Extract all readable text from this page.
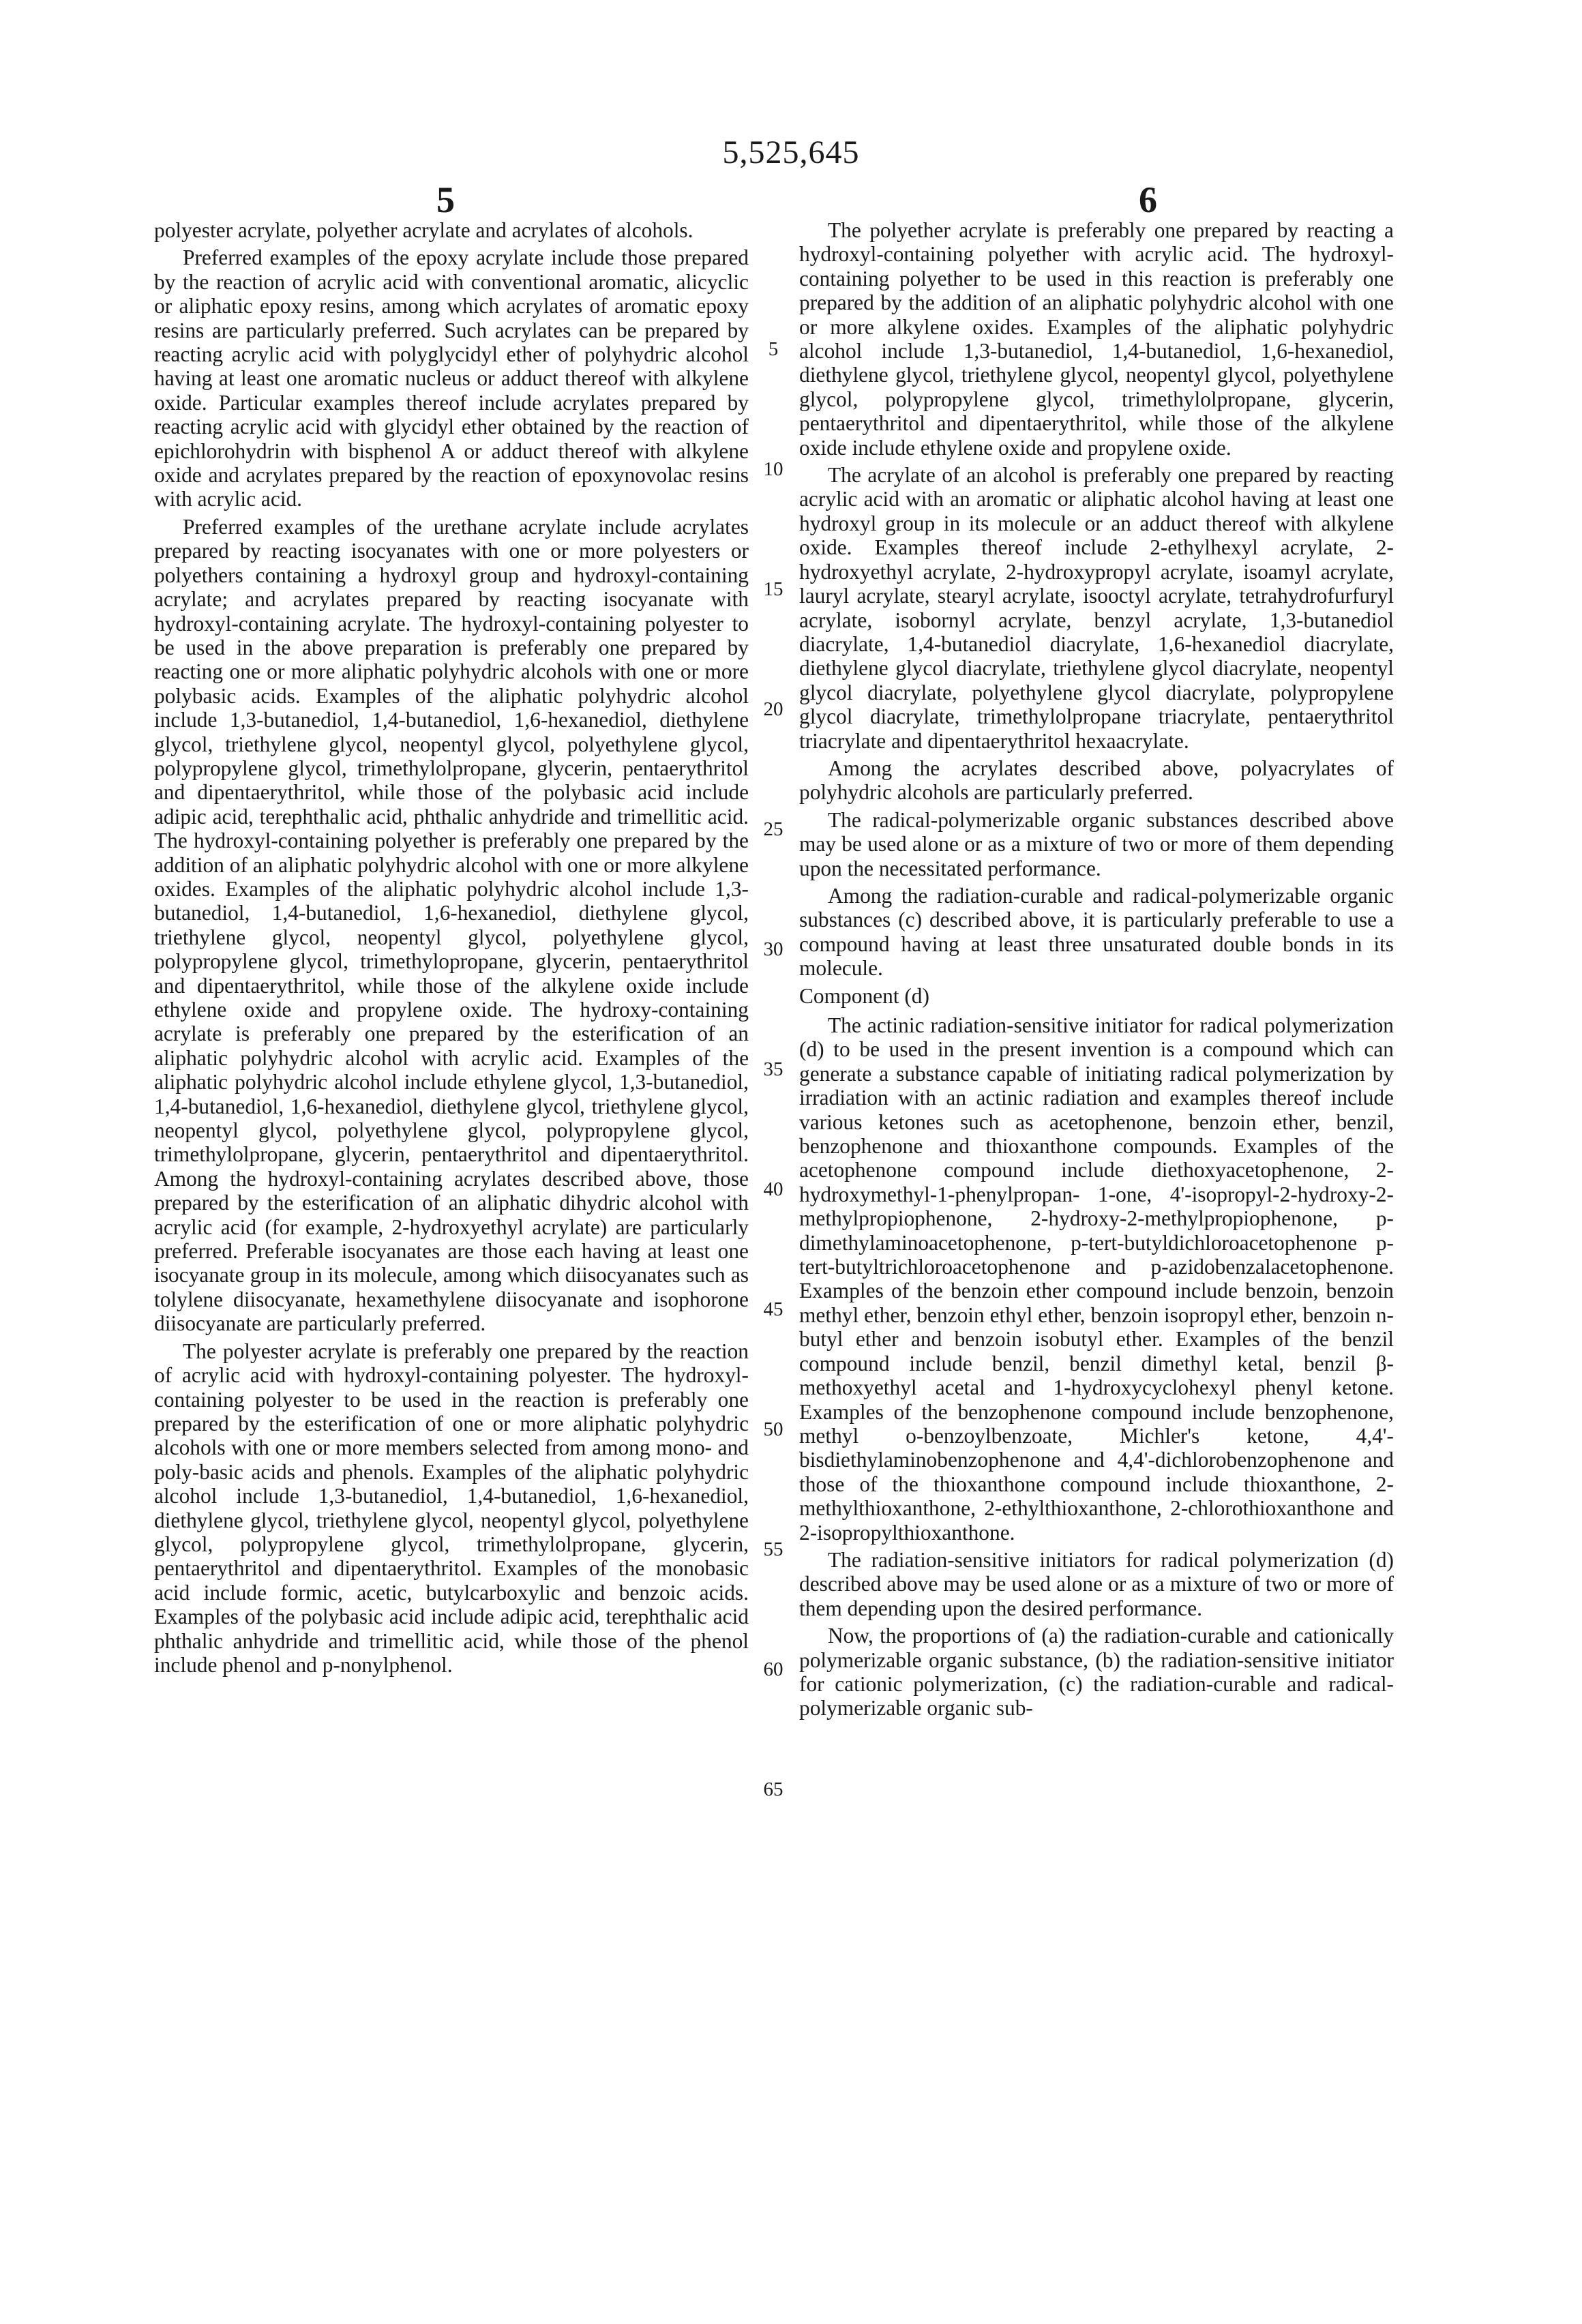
5,525,645
5	6

polyester acrylate, polyether acrylate and acrylates of alcohols.

Preferred examples of the epoxy acrylate include those prepared by the reaction of acrylic acid with conventional aromatic, alicyclic or aliphatic epoxy resins, among which acrylates of aromatic epoxy resins are particularly preferred. Such acrylates can be prepared by reacting acrylic acid with polyglycidyl ether of polyhydric alcohol having at least one aromatic nucleus or adduct thereof with alkylene oxide. Particular examples thereof include acrylates prepared by reacting acrylic acid with glycidyl ether obtained by the reaction of epichlorohydrin with bisphenol A or adduct thereof with alkylene oxide and acrylates prepared by the reaction of epoxynovolac resins with acrylic acid.

Preferred examples of the urethane acrylate include acrylates prepared by reacting isocyanates with one or more polyesters or polyethers containing a hydroxyl group and hydroxyl-containing acrylate; and acrylates prepared by reacting isocyanate with hydroxyl-containing acrylate. The hydroxyl-containing polyester to be used in the above preparation is preferably one prepared by reacting one or more aliphatic polyhydric alcohols with one or more polybasic acids. Examples of the aliphatic polyhydric alcohol include 1,3-butanediol, 1,4-butanediol, 1,6-hexanediol, diethylene glycol, triethylene glycol, neopentyl glycol, polyethylene glycol, polypropylene glycol, trimethylolpropane, glycerin, pentaerythritol and dipentaerythritol, while those of the polybasic acid include adipic acid, terephthalic acid, phthalic anhydride and trimellitic acid. The hydroxyl-containing polyether is preferably one prepared by the addition of an aliphatic polyhydric alcohol with one or more alkylene oxides. Examples of the aliphatic polyhydric alcohol include 1,3-butanediol, 1,4-butanediol, 1,6-hexanediol, diethylene glycol, triethylene glycol, neopentyl glycol, polyethylene glycol, polypropylene glycol, trimethylopropane, glycerin, pentaerythritol and dipentaerythritol, while those of the alkylene oxide include ethylene oxide and propylene oxide. The hydroxy-containing acrylate is preferably one prepared by the esterification of an aliphatic polyhydric alcohol with acrylic acid. Examples of the aliphatic polyhydric alcohol include ethylene glycol, 1,3-butanediol, 1,4-butanediol, 1,6-hexanediol, diethylene glycol, triethylene glycol, neopentyl glycol, polyethylene glycol, polypropylene glycol, trimethylolpropane, glycerin, pentaerythritol and dipentaerythritol. Among the hydroxyl-containing acrylates described above, those prepared by the esterification of an aliphatic dihydric alcohol with acrylic acid (for example, 2-hydroxyethyl acrylate) are particularly preferred. Preferable isocyanates are those each having at least one isocyanate group in its molecule, among which diisocyanates such as tolylene diisocyanate, hexamethylene diisocyanate and isophorone diisocyanate are particularly preferred.

The polyester acrylate is preferably one prepared by the reaction of acrylic acid with hydroxyl-containing polyester. The hydroxyl-containing polyester to be used in the reaction is preferably one prepared by the esterification of one or more aliphatic polyhydric alcohols with one or more members selected from among mono- and poly-basic acids and phenols. Examples of the aliphatic polyhydric alcohol include 1,3-butanediol, 1,4-butanediol, 1,6-hexanediol, diethylene glycol, triethylene glycol, neopentyl glycol, polyethylene glycol, polypropylene glycol, trimethylolpropane, glycerin, pentaerythritol and dipentaerythritol. Examples of the monobasic acid include formic, acetic, butylcarboxylic and benzoic acids. Examples of the polybasic acid include adipic acid, terephthalic acid phthalic anhydride and trimellitic acid, while those of the phenol include phenol and p-nonylphenol.

The polyether acrylate is preferably one prepared by reacting a hydroxyl-containing polyether with acrylic acid. The hydroxyl-containing polyether to be used in this reaction is preferably one prepared by the addition of an aliphatic polyhydric alcohol with one or more alkylene oxides. Examples of the aliphatic polyhydric alcohol include 1,3-butanediol, 1,4-butanediol, 1,6-hexanediol, diethylene glycol, triethylene glycol, neopentyl glycol, polyethylene glycol, polypropylene glycol, trimethylolpropane, glycerin, pentaerythritol and dipentaerythritol, while those of the alkylene oxide include ethylene oxide and propylene oxide.

The acrylate of an alcohol is preferably one prepared by reacting acrylic acid with an aromatic or aliphatic alcohol having at least one hydroxyl group in its molecule or an adduct thereof with alkylene oxide. Examples thereof include 2-ethylhexyl acrylate, 2-hydroxyethyl acrylate, 2-hydroxypropyl acrylate, isoamyl acrylate, lauryl acrylate, stearyl acrylate, isooctyl acrylate, tetrahydrofurfuryl acrylate, isobornyl acrylate, benzyl acrylate, 1,3-butanediol diacrylate, 1,4-butanediol diacrylate, 1,6-hexanediol diacrylate, diethylene glycol diacrylate, triethylene glycol diacrylate, neopentyl glycol diacrylate, polyethylene glycol diacrylate, polypropylene glycol diacrylate, trimethylolpropane triacrylate, pentaerythritol triacrylate and dipentaerythritol hexaacrylate.

Among the acrylates described above, polyacrylates of polyhydric alcohols are particularly preferred.

The radical-polymerizable organic substances described above may be used alone or as a mixture of two or more of them depending upon the necessitated performance.

Among the radiation-curable and radical-polymerizable organic substances (c) described above, it is particularly preferable to use a compound having at least three unsaturated double bonds in its molecule.

Component (d)

The actinic radiation-sensitive initiator for radical polymerization (d) to be used in the present invention is a compound which can generate a substance capable of initiating radical polymerization by irradiation with an actinic radiation and examples thereof include various ketones such as acetophenone, benzoin ether, benzil, benzophenone and thioxanthone compounds. Examples of the acetophenone compound include diethoxyacetophenone, 2-hydroxymethyl-1-phenylpropan- 1-one, 4'-isopropyl-2-hydroxy-2-methylpropiophenone, 2-hydroxy-2-methylpropiophenone, p-dimethylaminoacetophenone, p-tert-butyldichloroacetophenone p-tert-butyltrichloroacetophenone and p-azidobenzalacetophenone. Examples of the benzoin ether compound include benzoin, benzoin methyl ether, benzoin ethyl ether, benzoin isopropyl ether, benzoin n-butyl ether and benzoin isobutyl ether. Examples of the benzil compound include benzil, benzil dimethyl ketal, benzil β-methoxyethyl acetal and 1-hydroxycyclohexyl phenyl ketone. Examples of the benzophenone compound include benzophenone, methyl o-benzoylbenzoate, Michler's ketone, 4,4'-bisdiethylaminobenzophenone and 4,4'-dichlorobenzophenone and those of the thioxanthone compound include thioxanthone, 2-methylthioxanthone, 2-ethylthioxanthone, 2-chlorothioxanthone and 2-isopropylthioxanthone.

The radiation-sensitive initiators for radical polymerization (d) described above may be used alone or as a mixture of two or more of them depending upon the desired performance.

Now, the proportions of (a) the radiation-curable and cationically polymerizable organic substance, (b) the radiation-sensitive initiator for cationic polymerization, (c) the radiation-curable and radical-polymerizable organic sub-

5
10
15
20
25
30
35
40
45
50
55
60
65
